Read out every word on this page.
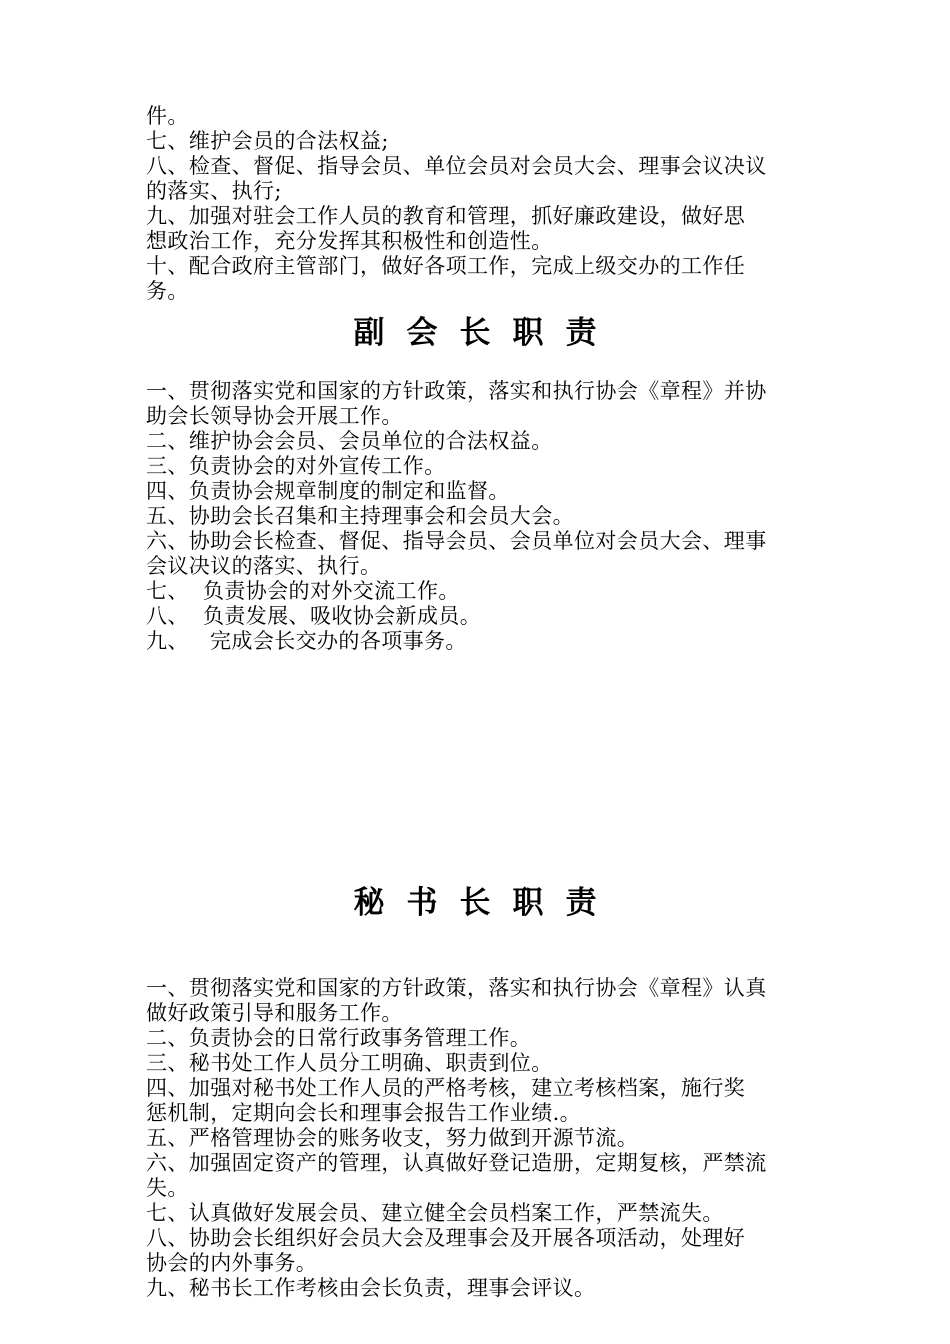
件。

七、维护会员的合法权益;

八、检查、督促、指导会员、单位会员对会员大会、理事会议决议

的落实、执行;

九、加强对驻会工作人员的教育和管理，抓好廉政建设，做好思

想政治工作，充分发挥其积极性和创造性。

十、配合政府主管部门，做好各项工作，完成上级交办的工作任

务。

副会长职责

一、贯彻落实党和国家的方针政策，落实和执行协会《章程》并协

助会长领导协会开展工作。

二、维护协会会员、会员单位的合法权益。

三、负责协会的对外宣传工作。

四、负责协会规章制度的制定和监督。

五、协助会长召集和主持理事会和会员大会。

六、协助会长检查、督促、指导会员、会员单位对会员大会、理事

会议决议的落实、执行。

七、  负责协会的对外交流工作。

八、  负责发展、吸收协会新成员。

九、   完成会长交办的各项事务。

秘书长职责

一、贯彻落实党和国家的方针政策，落实和执行协会《章程》认真

做好政策引导和服务工作。

二、负责协会的日常行政事务管理工作。

三、秘书处工作人员分工明确、职责到位。

四、加强对秘书处工作人员的严格考核，建立考核档案，施行奖

惩机制，定期向会长和理事会报告工作业绩.。

五、严格管理协会的账务收支，努力做到开源节流。

六、加强固定资产的管理，认真做好登记造册，定期复核，严禁流

失。

七、认真做好发展会员、建立健全会员档案工作，严禁流失。

八、协助会长组织好会员大会及理事会及开展各项活动，处理好

协会的内外事务。

九、秘书长工作考核由会长负责，理事会评议。
